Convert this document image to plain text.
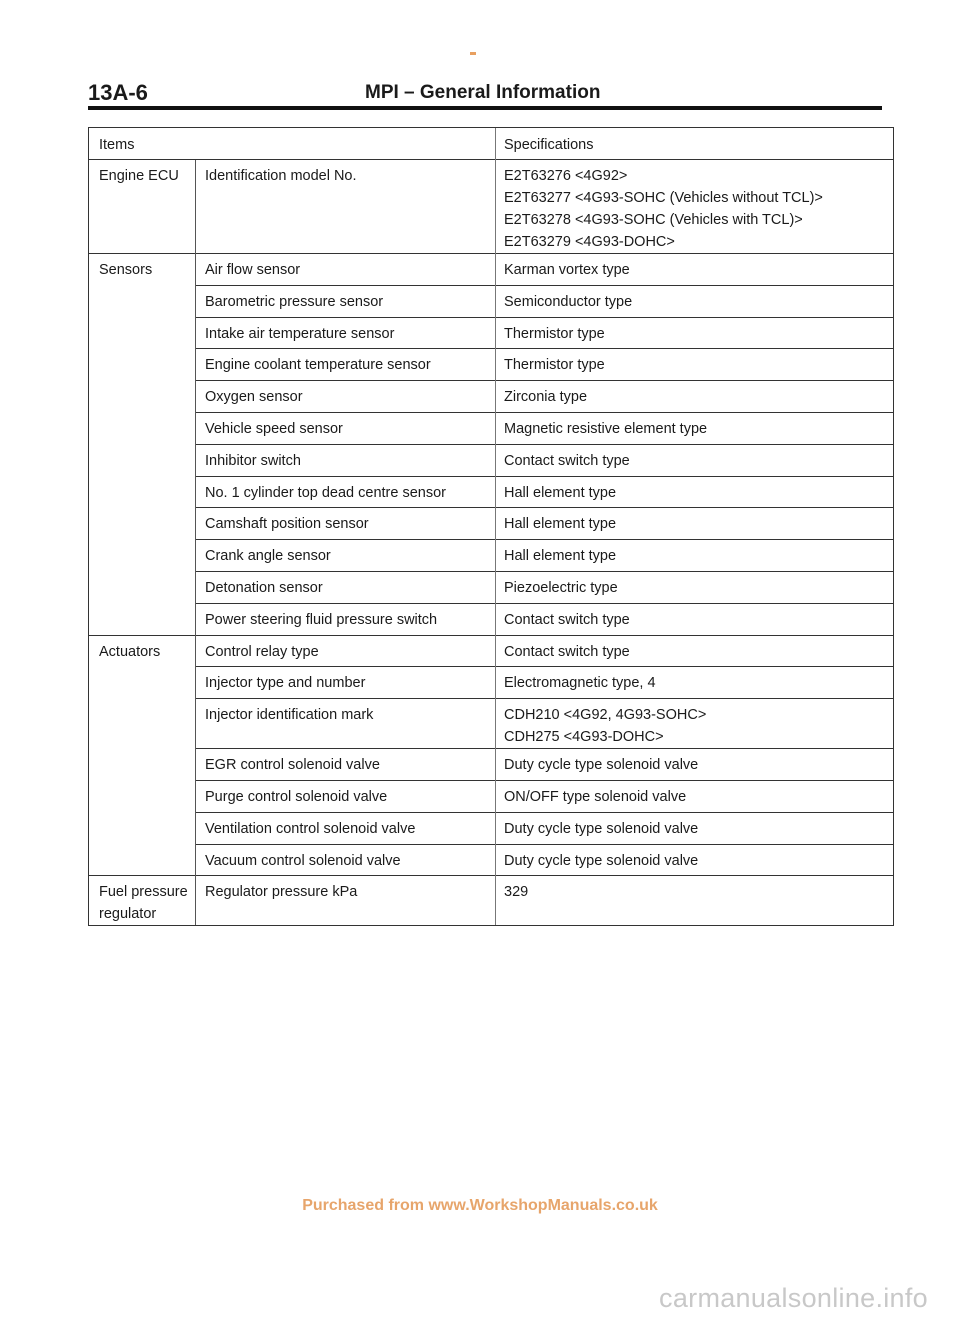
13A-6	MPI – General Information
Items		Specifications
Engine ECU	Identification model No.	E2T63276 <4G92>
E2T63277 <4G93-SOHC (Vehicles without TCL)>
E2T63278 <4G93-SOHC (Vehicles with TCL)>
E2T63279 <4G93-DOHC>

Sensors	Air flow sensor	Karman vortex type

	Barometric pressure sensor	Semiconductor type

	Intake air temperature sensor	Thermistor type

	Engine coolant temperature sensor	Thermistor type

	Oxygen sensor	Zirconia type

	Vehicle speed sensor	Magnetic resistive element type

	Inhibitor switch	Contact switch type

	No. 1 cylinder top dead centre sensor	Hall element type

	Camshaft position sensor	Hall element type

	Crank angle sensor	Hall element type

	Detonation sensor	Piezoelectric type

	Power steering fluid pressure switch	Contact switch type

Actuators	Control relay type	Contact switch type

	Injector type and number	Electromagnetic type, 4

	Injector identification mark	CDH210 <4G92, 4G93-SOHC>
CDH275 <4G93-DOHC>

	EGR control solenoid valve	Duty cycle type solenoid valve

	Purge control solenoid valve	ON/OFF type solenoid valve

	Ventilation control solenoid valve	Duty cycle type solenoid valve

	Vacuum control solenoid valve	Duty cycle type solenoid valve

Fuel pressure
regulator	Regulator pressure kPa	329
Purchased from www.WorkshopManuals.co.uk
carmanualsonline.info
